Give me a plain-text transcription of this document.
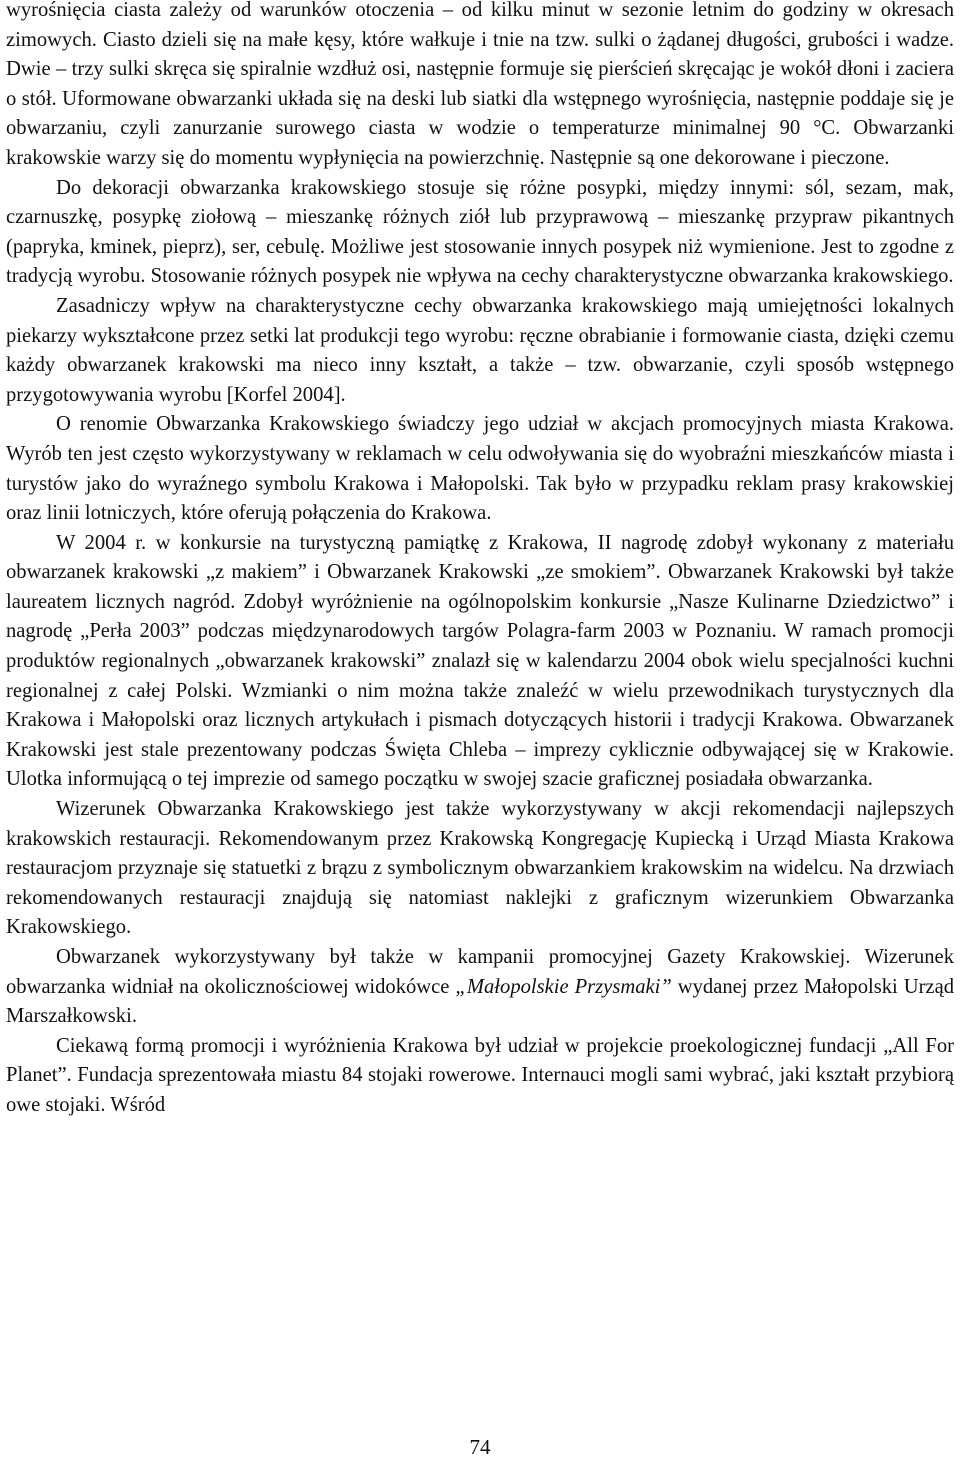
wyrośnięcia ciasta zależy od warunków otoczenia – od kilku minut w sezonie letnim do godziny w okresach zimowych. Ciasto dzieli się na małe kęsy, które wałkuje i tnie na tzw. sulki o żądanej długości, grubości i wadze. Dwie – trzy sulki skręca się spiralnie wzdłuż osi, następnie formuje się pierścień skręcając je wokół dłoni i zaciera o stół. Uformowane obwarzanki układa się na deski lub siatki dla wstępnego wyrośnięcia, następnie poddaje się je obwarzaniu, czyli zanurzanie surowego ciasta w wodzie o temperaturze minimalnej 90 °C. Obwarzanki krakowskie warzy się do momentu wypłynięcia na powierzchnię. Następnie są one dekorowane i pieczone.

Do dekoracji obwarzanka krakowskiego stosuje się różne posypki, między innymi: sól, sezam, mak, czarnuszkę, posypkę ziołową – mieszankę różnych ziół lub przyprawową – mieszankę przypraw pikantnych (papryka, kminek, pieprz), ser, cebulę. Możliwe jest stosowanie innych posypek niż wymienione. Jest to zgodne z tradycją wyrobu. Stosowanie różnych posypek nie wpływa na cechy charakterystyczne obwarzanka krakowskiego.

Zasadniczy wpływ na charakterystyczne cechy obwarzanka krakowskiego mają umiejętności lokalnych piekarzy wykształcone przez setki lat produkcji tego wyrobu: ręczne obrabianie i formowanie ciasta, dzięki czemu każdy obwarzanek krakowski ma nieco inny kształt, a także – tzw. obwarzanie, czyli sposób wstępnego przygotowywania wyrobu [Korfel 2004].

O renomie Obwarzanka Krakowskiego świadczy jego udział w akcjach promocyjnych miasta Krakowa. Wyrób ten jest często wykorzystywany w reklamach w celu odwoływania się do wyobraźni mieszkańców miasta i turystów jako do wyraźnego symbolu Krakowa i Małopolski. Tak było w przypadku reklam prasy krakowskiej oraz linii lotniczych, które oferują połączenia do Krakowa.

W 2004 r. w konkursie na turystyczną pamiątkę z Krakowa, II nagrodę zdobył wykonany z materiału obwarzanek krakowski „z makiem” i Obwarzanek Krakowski „ze smokiem”. Obwarzanek Krakowski był także laureatem licznych nagród. Zdobył wyróżnienie na ogólnopolskim konkursie „Nasze Kulinarne Dziedzictwo” i nagrodę „Perła 2003” podczas międzynarodowych targów Polagra-farm 2003 w Poznaniu. W ramach promocji produktów regionalnych „obwarzanek krakowski” znalazł się w kalendarzu 2004 obok wielu specjalności kuchni regionalnej z całej Polski. Wzmianki o nim można także znaleźć w wielu przewodnikach turystycznych dla Krakowa i Małopolski oraz licznych artykułach i pismach dotyczących historii i tradycji Krakowa. Obwarzanek Krakowski jest stale prezentowany podczas Święta Chleba – imprezy cyklicznie odbywającej się w Krakowie. Ulotka informującą o tej imprezie od samego początku w swojej szacie graficznej posiadała obwarzanka.

Wizerunek Obwarzanka Krakowskiego jest także wykorzystywany w akcji rekomendacji najlepszych krakowskich restauracji. Rekomendowanym przez Krakowską Kongregację Kupiecką i Urząd Miasta Krakowa restauracjom przyznaje się statuetki z brązu z symbolicznym obwarzankiem krakowskim na widelcu. Na drzwiach rekomendowanych restauracji znajdują się natomiast naklejki z graficznym wizerunkiem Obwarzanka Krakowskiego.

Obwarzanek wykorzystywany był także w kampanii promocyjnej Gazety Krakowskiej. Wizerunek obwarzanka widniał na okolicznościowej widokówce „Małopolskie Przysmaki” wydanej przez Małopolski Urząd Marszałkowski.

Ciekawą formą promocji i wyróżnienia Krakowa był udział w projekcie proekologicznej fundacji „All For Planet”. Fundacja sprezentowała miastu 84 stojaki rowerowe. Internauci mogli sami wybrać, jaki kształt przybiorą owe stojaki. Wśród

74
